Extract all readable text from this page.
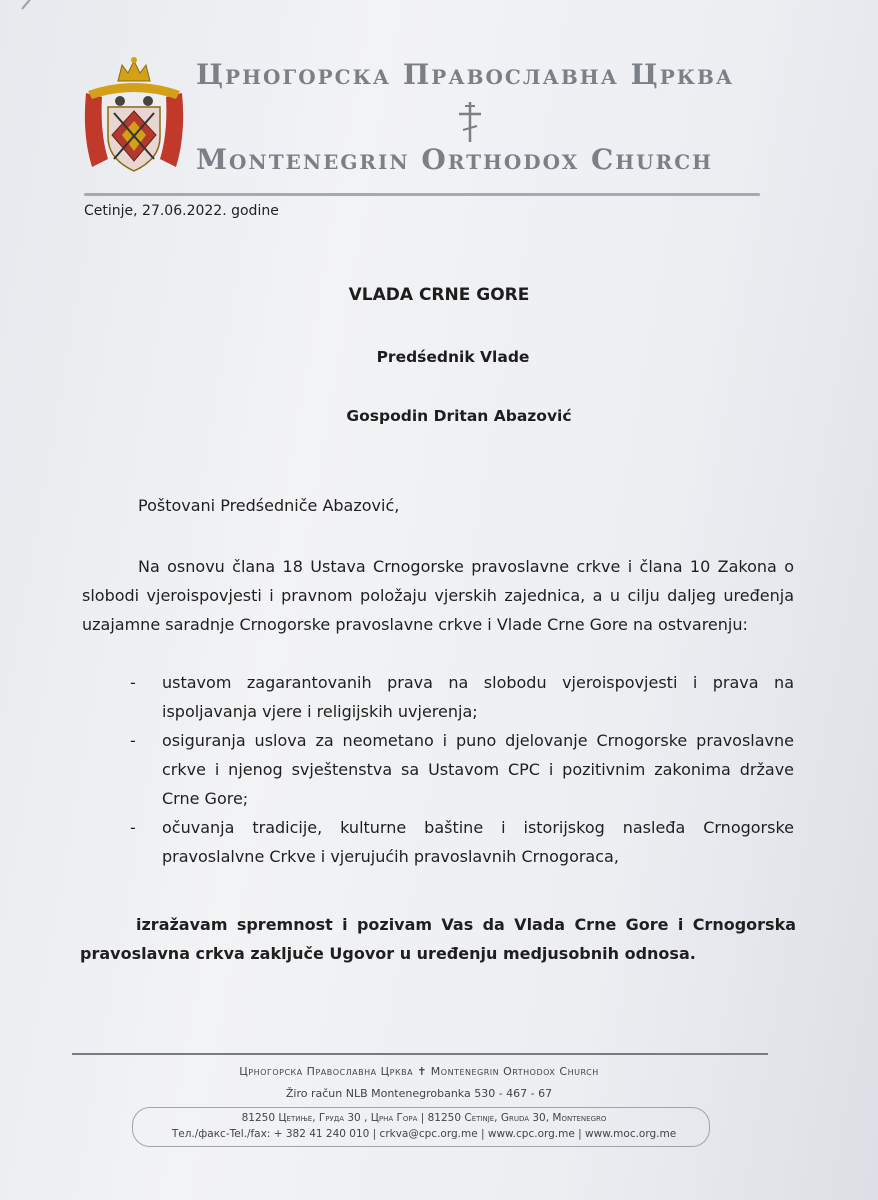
Црногорска Православна Црква
Montenegrin Orthodox Church
Cetinje, 27.06.2022. godine
VLADA CRNE GORE
Predśednik Vlade
Gospodin Dritan Abazović
Poštovani Predśedniče Abazović,
Na osnovu člana 18 Ustava Crnogorske pravoslavne crkve i člana 10 Zakona o slobodi vjeroispovjesti i pravnom položaju vjerskih zajednica, a u cilju daljeg uređenja uzajamne saradnje Crnogorske pravoslavne crkve i Vlade Crne Gore na ostvarenju:
- ustavom zagarantovanih prava na slobodu vjeroispovjesti i prava na ispoljavanja vjere i religijskih uvjerenja;
- osiguranja uslova za neometano i puno djelovanje Crnogorske pravoslavne crkve i njenog svještenstva sa Ustavom CPC i pozitivnim zakonima države Crne Gore;
- očuvanja tradicije, kulturne baštine i istorijskog nasleđa Crnogorske pravoslalvne Crkve i vjerujućih pravoslavnih Crnogoraca,
izražavam spremnost i pozivam Vas da Vlada Crne Gore i Crnogorska pravoslavna crkva zaključe Ugovor u uređenju medjusobnih odnosa.
Црногорска Православна Црква ✝ Montenegrin Orthodox Church
Žiro račun NLB Montenegrobanka 530 - 467 - 67
81250 Цетиње, Груда 30 , Црна Гора | 81250 Cetinje, Gruda 30, Montenegro
Тел./факс-Tel./fax: + 382 41 240 010 | crkva@cpc.org.me | www.cpc.org.me | www.moc.org.me
